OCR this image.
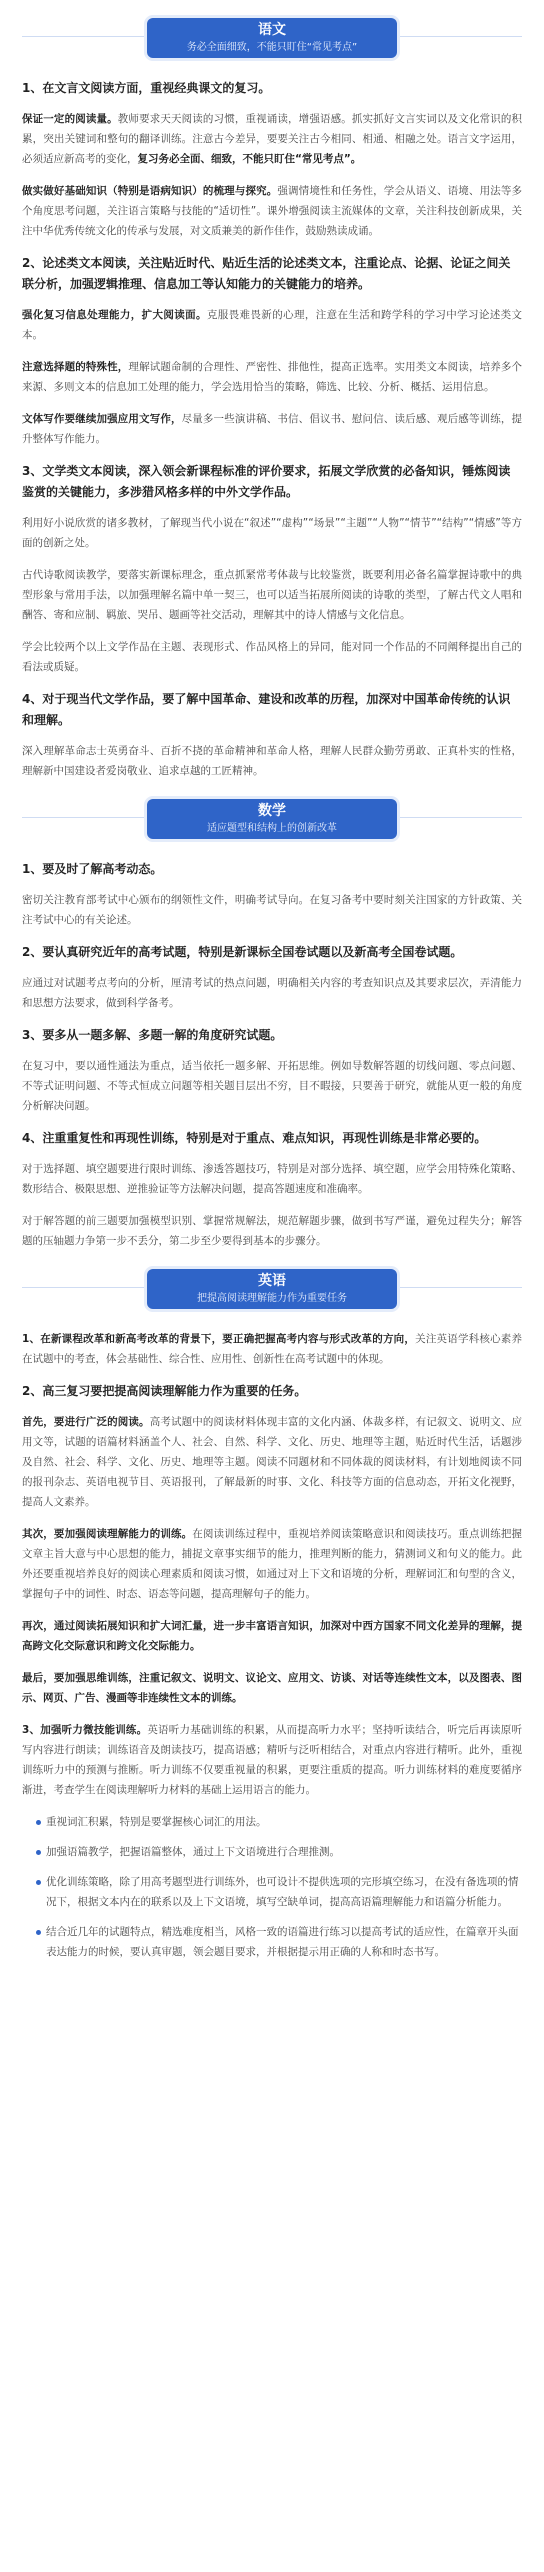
语文
务必全面细致，不能只盯住“常见考点”
1、在文言文阅读方面，重视经典课文的复习。

保证一定的阅读量。教师要求天天阅读的习惯，重视诵读，增强语感。抓实抓好文言实词以及文化常识的积累，突出关键词和整句的翻译训练。注意古今差异，要要关注古今相同、相通、相融之处。语言文字运用，必须适应新高考的变化，复习务必全面、细致，不能只盯住“常见考点”。

做实做好基础知识（特别是语病知识）的梳理与探究。强调情境性和任务性，学会从语义、语境、用法等多个角度思考问题，关注语言策略与技能的“适切性”。课外增强阅读主流媒体的文章，关注科技创新成果，关注中华优秀传统文化的传承与发展，对文质兼美的新作佳作，鼓励熟读成诵。

2、论述类文本阅读，关注贴近时代、贴近生活的论述类文本，注重论点、论据、论证之间关联分析，加强逻辑推理、信息加工等认知能力的关键能力的培养。

强化复习信息处理能力，扩大阅读面。克服畏难畏新的心理，注意在生活和跨学科的学习中学习论述类文本。

注意选择题的特殊性，理解试题命制的合理性、严密性、排他性，提高正选率。实用类文本阅读，培养多个来源、多则文本的信息加工处理的能力，学会选用恰当的策略，筛选、比较、分析、概括、运用信息。

文体写作要继续加强应用文写作，尽量多一些演讲稿、书信、倡议书、慰问信、读后感、观后感等训练，提升整体写作能力。

3、文学类文本阅读，深入领会新课程标准的评价要求，拓展文学欣赏的必备知识，锤炼阅读鉴赏的关键能力，多涉猎风格多样的中外文学作品。

利用好小说欣赏的诸多教材，了解现当代小说在“叙述”“虚构”“场景”“主题”“人物”“情节”“结构”“情感”等方面的创新之处。

古代诗歌阅读教学，要落实新课标理念，重点抓紧常考体裁与比较鉴赏，既要利用必备名篇掌握诗歌中的典型形象与常用手法，以加强理解名篇中单一契三，也可以适当拓展所阅读的诗歌的类型，了解古代文人唱和酬答、寄和应制、羁旅、哭吊、题画等社交活动，理解其中的诗人情感与文化信息。

学会比较两个以上文学作品在主题、表现形式、作品风格上的异同，能对同一个作品的不同阐释提出自己的看法或质疑。

4、对于现当代文学作品，要了解中国革命、建设和改革的历程，加深对中国革命传统的认识和理解。

深入理解革命志士英勇奋斗、百折不挠的革命精神和革命人格，理解人民群众勤劳勇敢、正真朴实的性格，理解新中国建设者爱岗敬业、追求卓越的工匠精神。

数学
适应题型和结构上的创新改革
1、要及时了解高考动态。

密切关注教育部考试中心颁布的纲领性文件，明确考试导向。在复习备考中要时刻关注国家的方针政策、关注考试中心的有关论述。

2、要认真研究近年的高考试题，特别是新课标全国卷试题以及新高考全国卷试题。

应通过对试题考点考向的分析，厘清考试的热点问题，明确相关内容的考查知识点及其要求层次，弄清能力和思想方法要求，做到科学备考。

3、要多从一题多解、多题一解的角度研究试题。

在复习中，要以通性通法为重点，适当依托一题多解、开拓思维。例如导数解答题的切线问题、零点问题、不等式证明问题、不等式恒成立问题等相关题目层出不穷，目不暇接，只要善于研究，就能从更一般的角度分析解决问题。

4、注重重复性和再现性训练，特别是对于重点、难点知识，再现性训练是非常必要的。

对于选择题、填空题要进行限时训练、渗透答题技巧，特别是对部分选择、填空题，应学会用特殊化策略、数形结合、极限思想、逆推验证等方法解决问题，提高答题速度和准确率。

对于解答题的前三题要加强模型识别、掌握常规解法，规范解题步骤，做到书写严谨，避免过程失分；解答题的压轴题力争第一步不丢分，第二步至少要得到基本的步骤分。

英语
把提高阅读理解能力作为重要任务

1、在新课程改革和新高考改革的背景下，要正确把握高考内容与形式改革的方向，关注英语学科核心素养在试题中的考查，体会基础性、综合性、应用性、创新性在高考试题中的体现。

2、高三复习要把提高阅读理解能力作为重要的任务。

首先，要进行广泛的阅读。高考试题中的阅读材料体现丰富的文化内涵、体裁多样，有记叙文、说明文、应用文等，试题的语篇材料涵盖个人、社会、自然、科学、文化、历史、地理等主题，贴近时代生活，话题涉及自然、社会、科学、文化、历史、地理等主题。阅读不同题材和不同体裁的阅读材料，有计划地阅读不同的报刊杂志、英语电视节目、英语报刊，了解最新的时事、文化、科技等方面的信息动态，开拓文化视野，提高人文素养。

其次，要加强阅读理解能力的训练。在阅读训练过程中，重视培养阅读策略意识和阅读技巧。重点训练把握文章主旨大意与中心思想的能力，捕捉文章事实细节的能力，推理判断的能力，猜测词义和句义的能力。此外还要重视培养良好的阅读心理素质和阅读习惯，如通过对上下文和语境的分析，理解词汇和句型的含义，掌握句子中的词性、时态、语态等问题，提高理解句子的能力。

再次，通过阅读拓展知识和扩大词汇量，进一步丰富语言知识，加深对中西方国家不同文化差异的理解，提高跨文化交际意识和跨文化交际能力。

最后，要加强思维训练，注重记叙文、说明文、议论文、应用文、访谈、对话等连续性文本，以及图表、图示、网页、广告、漫画等非连续性文本的训练。

3、加强听力微技能训练。英语听力基础训练的积累，从而提高听力水平；坚持听读结合，听完后再读原听写内容进行朗读；训练语音及朗读技巧，提高语感；精听与泛听相结合，对重点内容进行精听。此外，重视训练听力中的预测与推断。听力训练不仅要重视量的积累，更要注重质的提高。听力训练材料的难度要循序渐进，考查学生在阅读理解听力材料的基础上运用语言的能力。

重视词汇积累，特别是要掌握核心词汇的用法。
加强语篇教学，把握语篇整体，通过上下文语境进行合理推测。
优化训练策略，除了用高考题型进行训练外，也可设计不提供选项的完形填空练习，在没有备选项的情况下，根据文本内在的联系以及上下文语境，填写空缺单词，提高高语篇理解能力和语篇分析能力。
结合近几年的试题特点，精选难度相当，风格一致的语篇进行练习以提高考试的适应性，在篇章开头面表达能力的时候，要认真审题，领会题目要求，并根据提示用正确的人称和时态书写。
